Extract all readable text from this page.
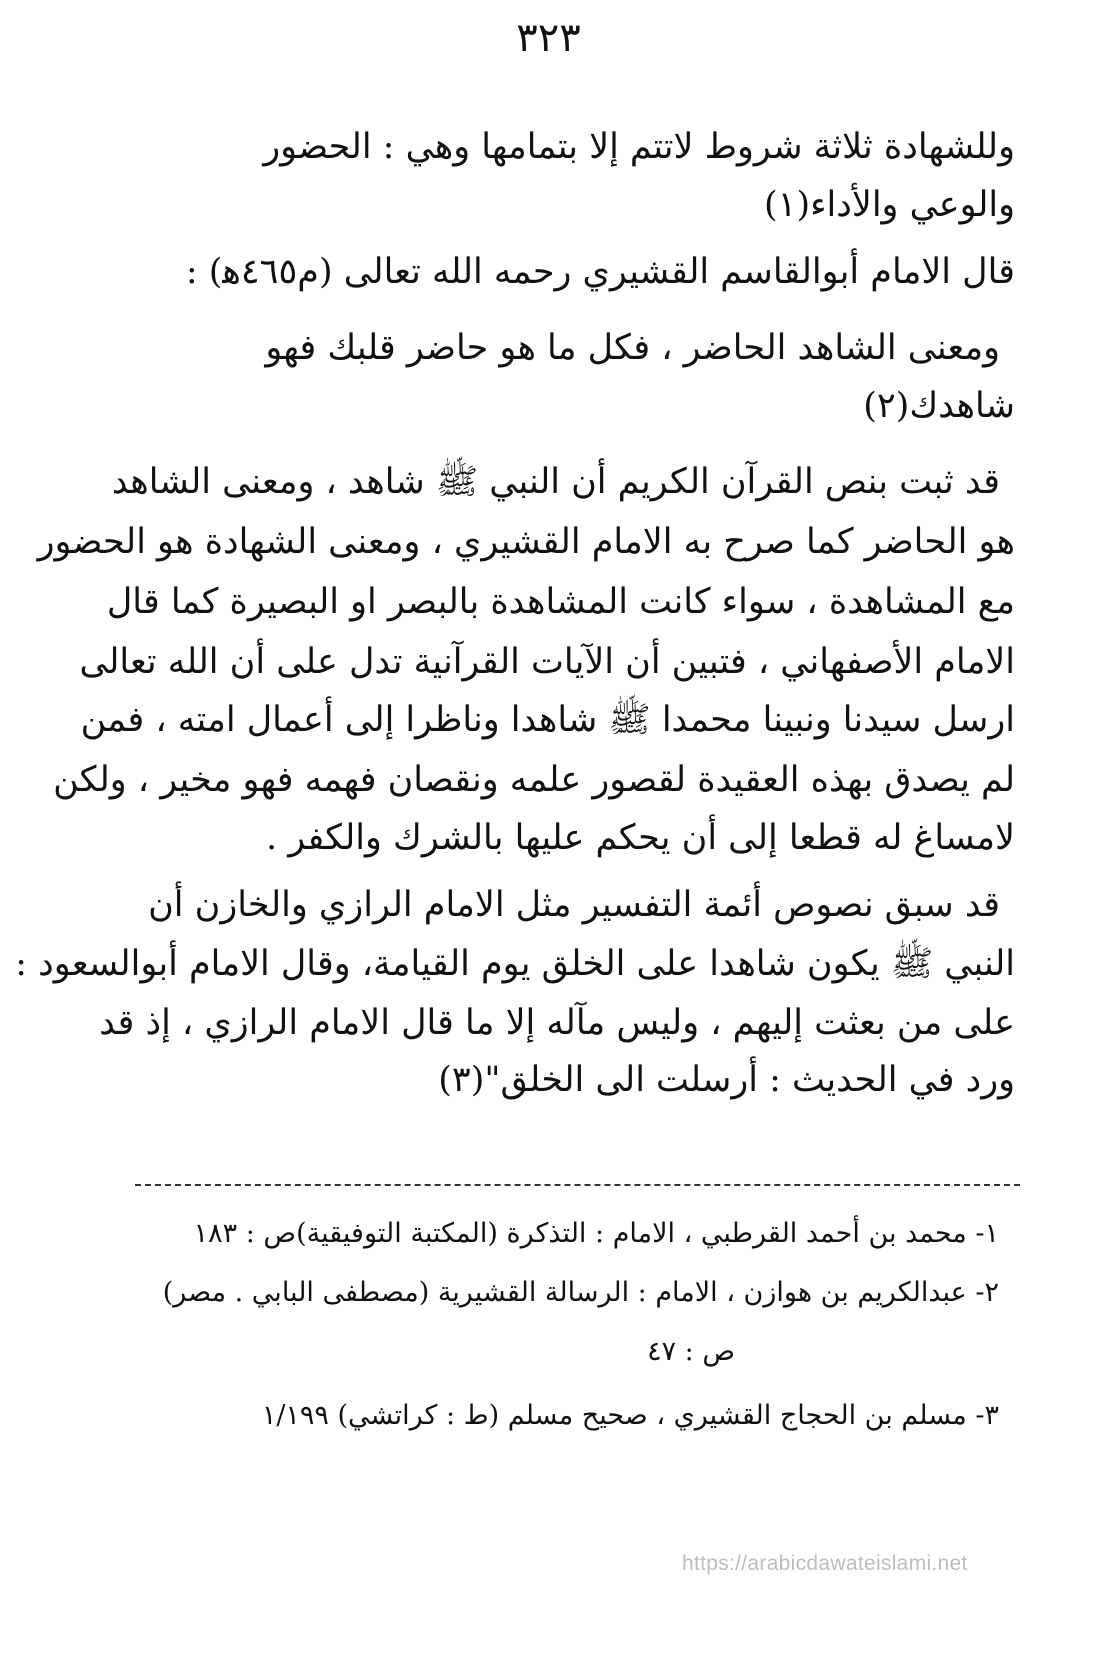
٣٢٣
وللشهادة ثلاثة شروط لاتتم إلا بتمامها وهي : الحضور
والوعي والأداء(١)
قال الامام أبوالقاسم القشيري رحمه الله تعالى (م٤٦٥ﻫ) :
ومعنى الشاهد الحاضر ، فكل ما هو حاضر قلبك فهو
شاهدك(٢)
قد ثبت بنص القرآن الكريم أن النبي ﷺ شاهد ، ومعنى الشاهد
هو الحاضر كما صرح به الامام القشيري ، ومعنى الشهادة هو الحضور
مع المشاهدة ، سواء كانت المشاهدة بالبصر او البصيرة كما قال
الامام الأصفهاني ، فتبين أن الآيات القرآنية تدل على أن الله تعالى
ارسل سيدنا ونبينا محمدا ﷺ شاهدا وناظرا إلى أعمال امته ، فمن
لم يصدق بهذه العقيدة لقصور علمه ونقصان فهمه فهو مخير ، ولكن
لامساغ له قطعا إلى أن يحكم عليها بالشرك والكفر .
قد سبق نصوص أئمة التفسير مثل الامام الرازي والخازن أن
النبي ﷺ يكون شاهدا على الخلق يوم القيامة، وقال الامام أبوالسعود :
على من بعثت إليهم ، وليس مآله إلا ما قال الامام الرازي ، إذ قد
ورد في الحديث : أرسلت الى الخلق"(٣)
١- محمد بن أحمد القرطبي ، الامام : التذكرة (المكتبة التوفيقية)ص : ١٨٣
٢- عبدالكريم بن هوازن ، الامام : الرسالة القشيرية (مصطفى البابي . مصر)
ص : ٤٧
٣- مسلم بن الحجاج القشيري ، صحيح مسلم (ط : كراتشي) ١/١٩٩
https://arabicdawateislami.net
